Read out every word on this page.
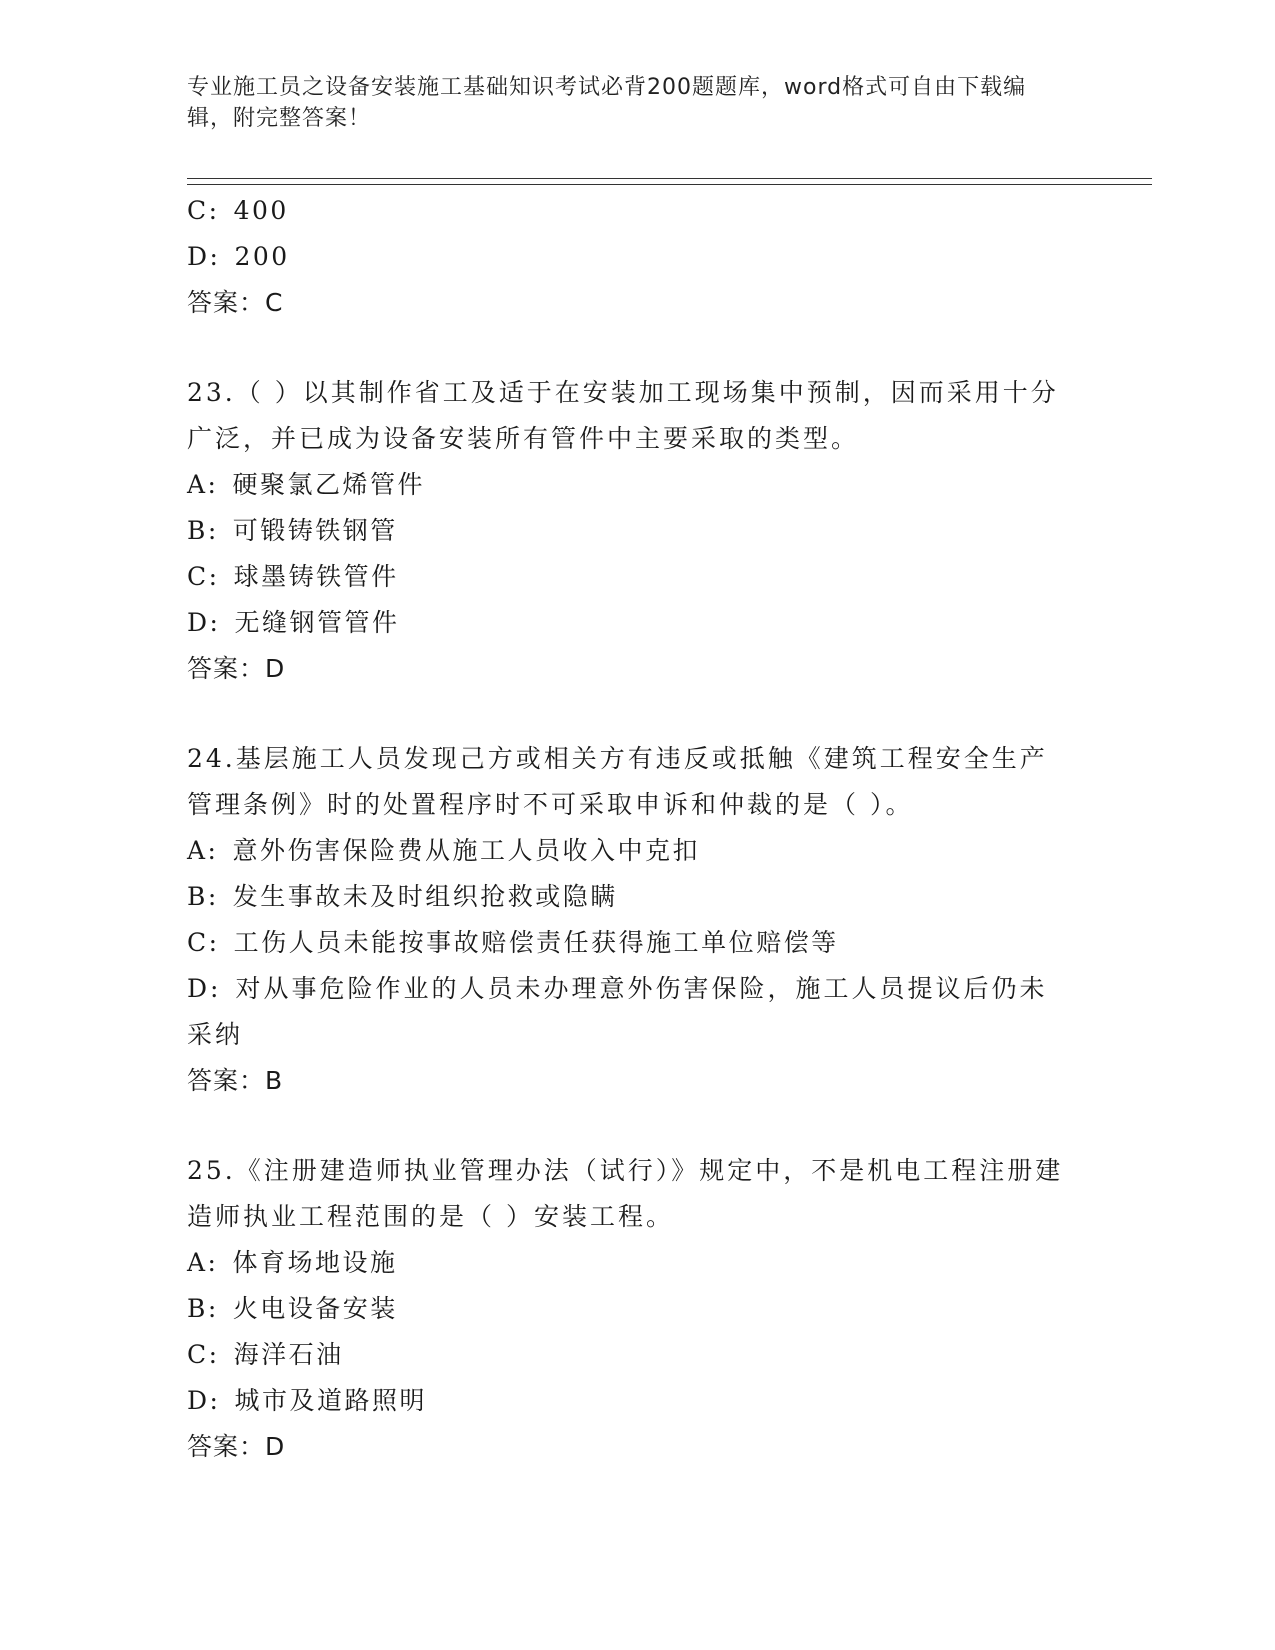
专业施工员之设备安装施工基础知识考试必背200题题库，word格式可自由下载编辑，附完整答案！
C: 400
D: 200
答案：C
23.（ ）以其制作省工及适于在安装加工现场集中预制，因而采用十分广泛，并已成为设备安装所有管件中主要采取的类型。
A: 硬聚氯乙烯管件
B: 可锻铸铁钢管
C: 球墨铸铁管件
D: 无缝钢管管件
答案：D
24.基层施工人员发现己方或相关方有违反或抵触《建筑工程安全生产管理条例》时的处置程序时不可采取申诉和仲裁的是（ ）。
A: 意外伤害保险费从施工人员收入中克扣
B: 发生事故未及时组织抢救或隐瞒
C: 工伤人员未能按事故赔偿责任获得施工单位赔偿等
D: 对从事危险作业的人员未办理意外伤害保险，施工人员提议后仍未采纳
答案：B
25.《注册建造师执业管理办法（试行）》规定中，不是机电工程注册建造师执业工程范围的是（ ）安装工程。
A: 体育场地设施
B: 火电设备安装
C: 海洋石油
D: 城市及道路照明
答案：D
